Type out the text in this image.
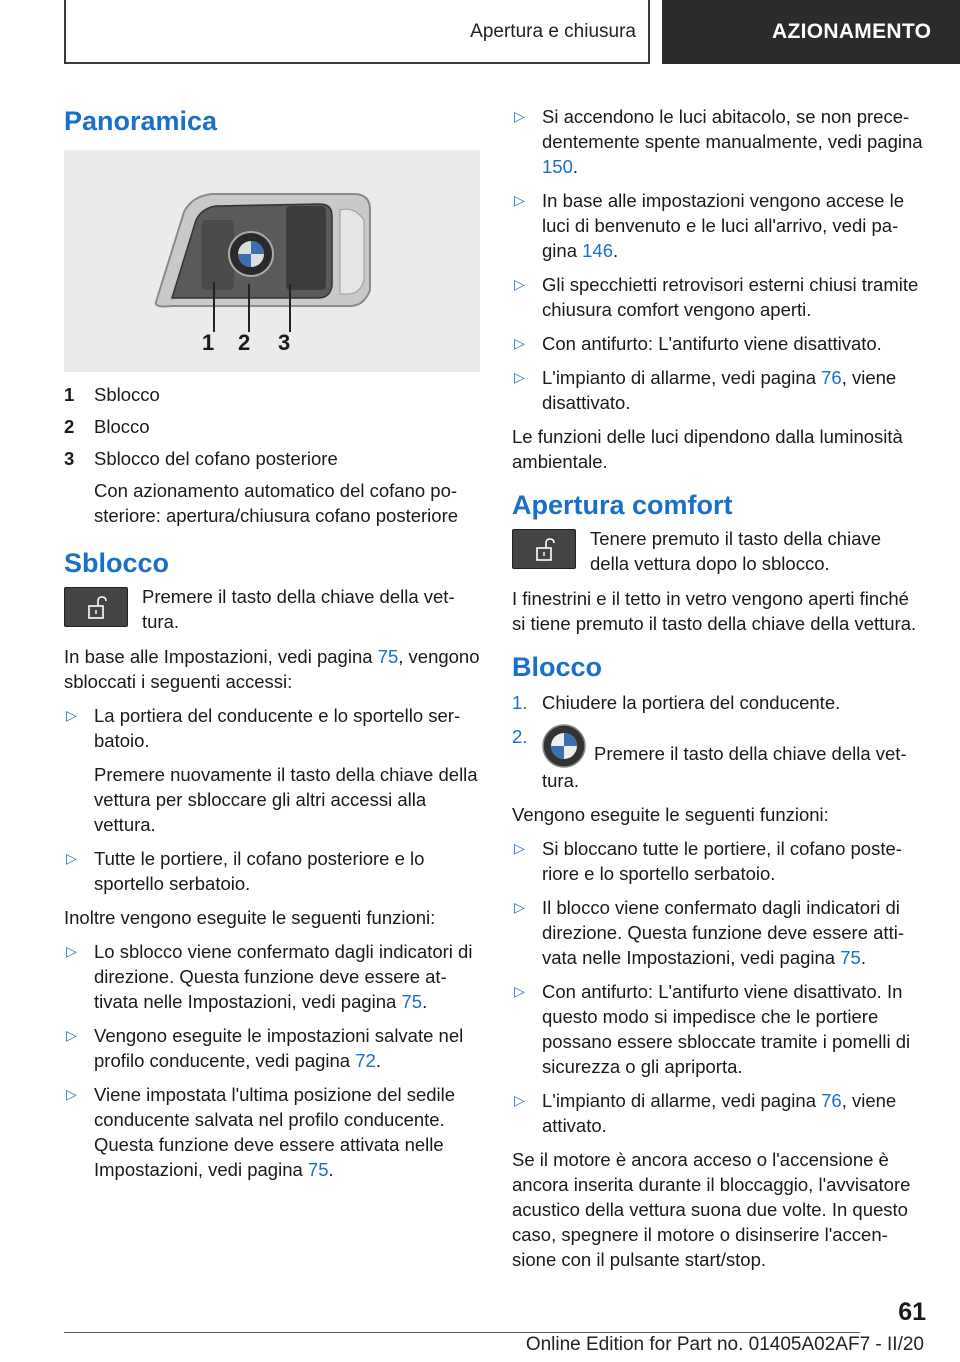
Apertura e chiusura	AZIONAMENTO
Panoramica
1 2 3
1	Sblocco
2	Blocco
3	Sblocco del cofano posteriore
Con azionamento automatico del cofano posteriore: apertura/chiusura cofano posteriore
Sblocco
Premere il tasto della chiave della vettura.

In base alle Impostazioni, vedi pagina 75, vengono sbloccati i seguenti accessi:

▷ La portiera del conducente e lo sportello serbatoio.
Premere nuovamente il tasto della chiave della vettura per sbloccare gli altri accessi alla vettura.
▷ Tutte le portiere, il cofano posteriore e lo sportello serbatoio.

Inoltre vengono eseguite le seguenti funzioni:

▷ Lo sblocco viene confermato dagli indicatori di direzione. Questa funzione deve essere attivata nelle Impostazioni, vedi pagina 75.
▷ Vengono eseguite le impostazioni salvate nel profilo conducente, vedi pagina 72.
▷ Viene impostata l'ultima posizione del sedile conducente salvata nel profilo conducente. Questa funzione deve essere attivata nelle Impostazioni, vedi pagina 75.
▷ Si accendono le luci abitacolo, se non precedentemente spente manualmente, vedi pagina 150.
▷ In base alle impostazioni vengono accese le luci di benvenuto e le luci all'arrivo, vedi pagina 146.
▷ Gli specchietti retrovisori esterni chiusi tramite chiusura comfort vengono aperti.
▷ Con antifurto: L'antifurto viene disattivato.
▷ L'impianto di allarme, vedi pagina 76, viene disattivato.

Le funzioni delle luci dipendono dalla luminosità ambientale.

Apertura comfort
Tenere premuto il tasto della chiave della vettura dopo lo sblocco.

I finestrini e il tetto in vetro vengono aperti finché si tiene premuto il tasto della chiave della vettura.

Blocco
1. Chiudere la portiera del conducente.
2.
Premere il tasto della chiave della vettura.

Vengono eseguite le seguenti funzioni:

▷ Si bloccano tutte le portiere, il cofano posteriore e lo sportello serbatoio.
▷ Il blocco viene confermato dagli indicatori di direzione. Questa funzione deve essere attivata nelle Impostazioni, vedi pagina 75.
▷ Con antifurto: L'antifurto viene disattivato. In questo modo si impedisce che le portiere possano essere sbloccate tramite i pomelli di sicurezza o gli apriporta.
▷ L'impianto di allarme, vedi pagina 76, viene attivato.

Se il motore è ancora acceso o l'accensione è ancora inserita durante il bloccaggio, l'avvisatore acustico della vettura suona due volte. In questo caso, spegnere il motore o disinserire l'accensione con il pulsante start/stop.

61
Online Edition for Part no. 01405A02AF7 - II/20
